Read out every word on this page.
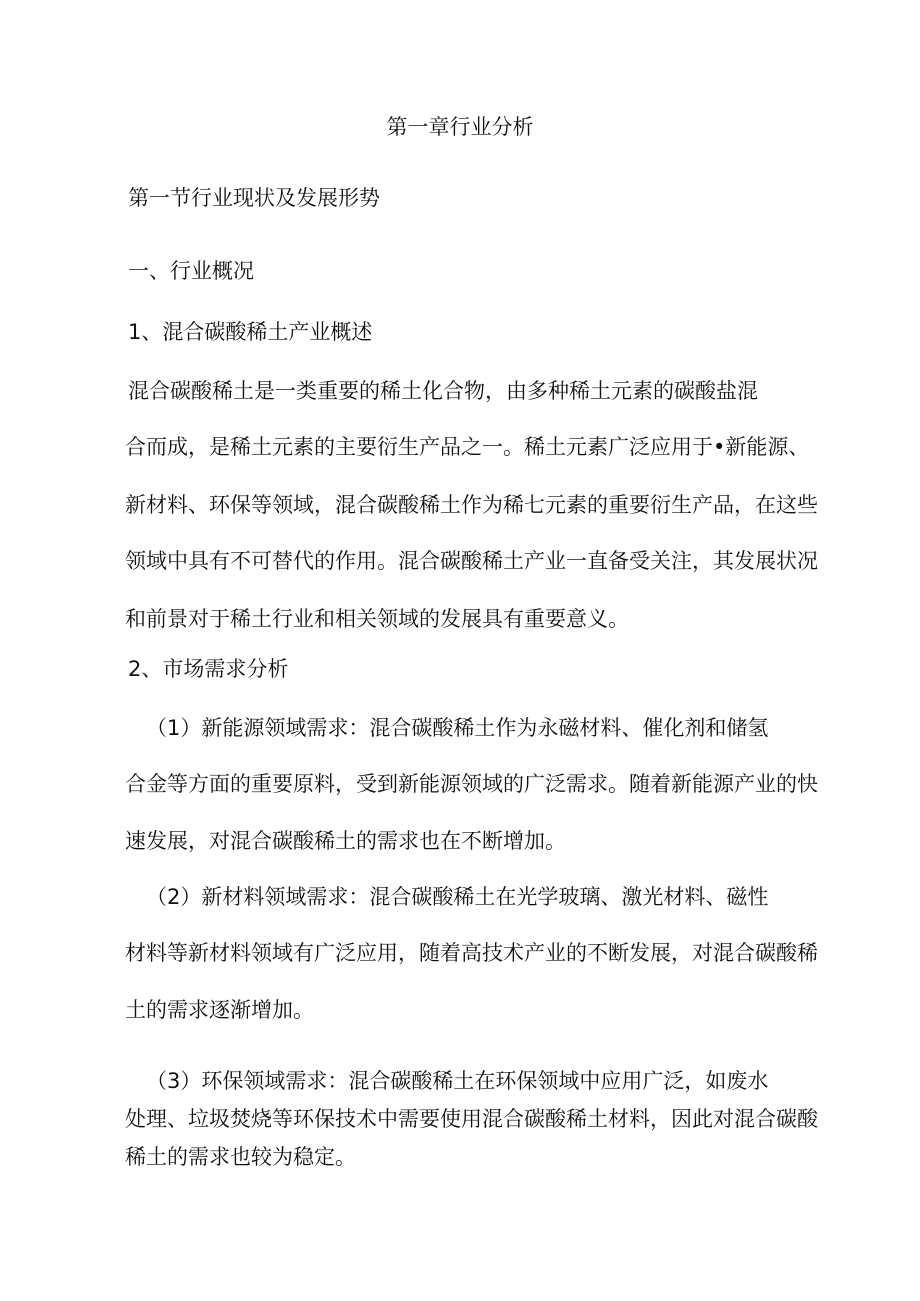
第一章行业分析
第一节行业现状及发展形势
一、行业概况
1、混合碳酸稀土产业概述
混合碳酸稀土是一类重要的稀土化合物，由多种稀土元素的碳酸盐混
合而成，是稀土元素的主要衍生产品之一。稀土元素广泛应用于•新能源、
新材料、环保等领域，混合碳酸稀土作为稀七元素的重要衍生产品，在这些
领域中具有不可替代的作用。混合碳酸稀土产业一直备受关注，其发展状况
和前景对于稀土行业和相关领域的发展具有重要意义。
2、市场需求分析
（1）新能源领域需求：混合碳酸稀土作为永磁材料、催化剂和储氢
合金等方面的重要原料，受到新能源领域的广泛需求。随着新能源产业的快
速发展，对混合碳酸稀土的需求也在不断增加。
（2）新材料领域需求：混合碳酸稀土在光学玻璃、激光材料、磁性
材料等新材料领域有广泛应用，随着高技术产业的不断发展，对混合碳酸稀
土的需求逐渐增加。
（3）环保领域需求：混合碳酸稀土在环保领域中应用广泛，如废水
处理、垃圾焚烧等环保技术中需要使用混合碳酸稀土材料，因此对混合碳酸
稀土的需求也较为稳定。
